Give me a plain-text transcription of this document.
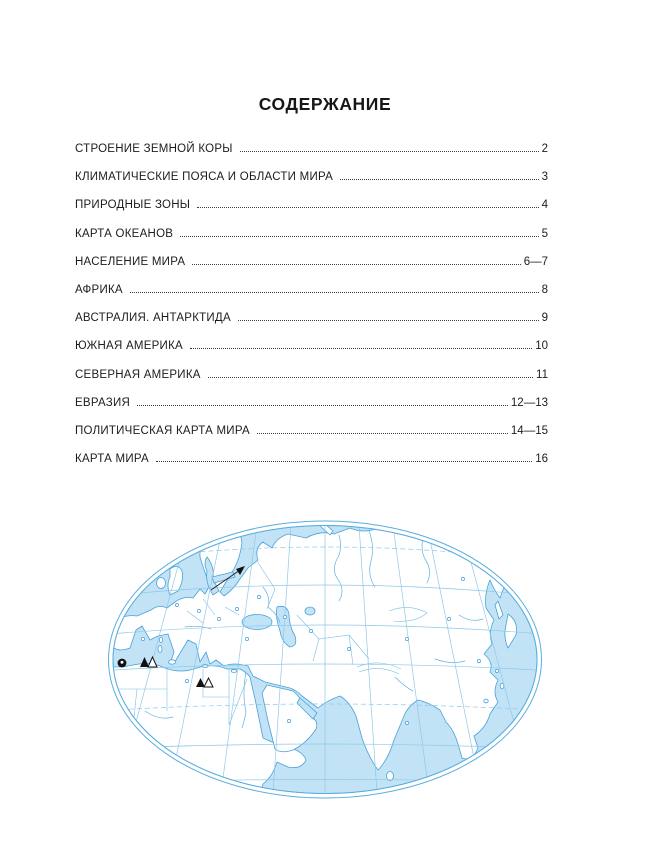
СОДЕРЖАНИЕ
СТРОЕНИЕ ЗЕМНОЙ КОРЫ	2
КЛИМАТИЧЕСКИЕ ПОЯСА И ОБЛАСТИ МИРА	3
ПРИРОДНЫЕ ЗОНЫ	4
КАРТА ОКЕАНОВ	5
НАСЕЛЕНИЕ МИРА	6—7
АФРИКА	8
АВСТРАЛИЯ. АНТАРКТИДА	9
ЮЖНАЯ АМЕРИКА	10
СЕВЕРНАЯ АМЕРИКА	11
ЕВРАЗИЯ	12—13
ПОЛИТИЧЕСКАЯ КАРТА МИРА	14—15
КАРТА МИРА	16
